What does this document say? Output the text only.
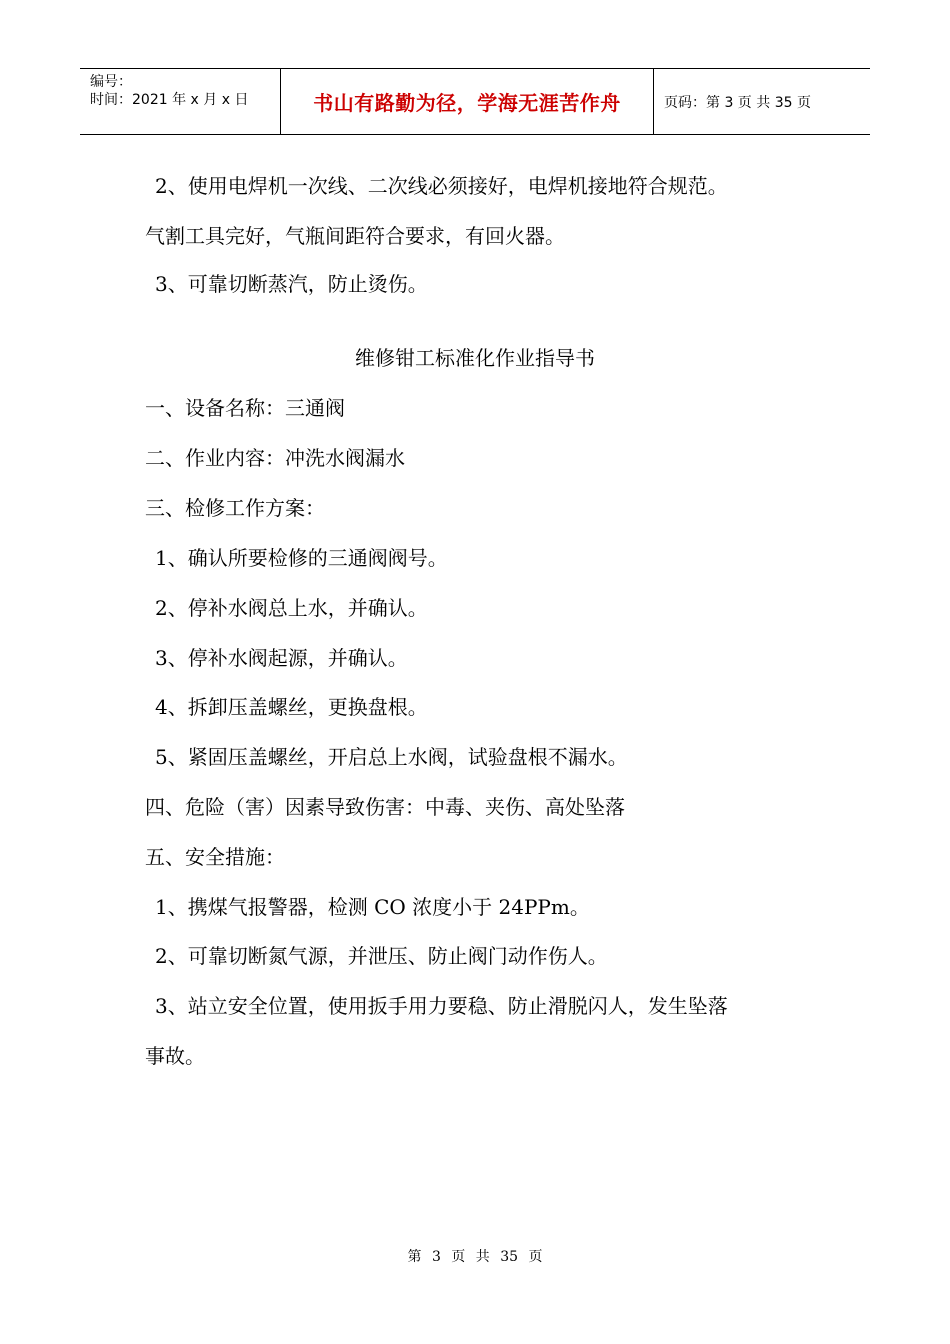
编号：
时间：2021 年 x 月 x 日	书山有路勤为径，学海无涯苦作舟	页码：第 3 页 共 35 页
2、使用电焊机一次线、二次线必须接好，电焊机接地符合规范。
气割工具完好，气瓶间距符合要求，有回火器。
3、可靠切断蒸汽，防止烫伤。
维修钳工标准化作业指导书
一、设备名称：三通阀
二、作业内容：冲洗水阀漏水
三、检修工作方案：
1、确认所要检修的三通阀阀号。
2、停补水阀总上水，并确认。
3、停补水阀起源，并确认。
4、拆卸压盖螺丝，更换盘根。
5、紧固压盖螺丝，开启总上水阀，试验盘根不漏水。
四、危险（害）因素导致伤害：中毒、夹伤、高处坠落
五、安全措施：
1、携煤气报警器，检测 CO 浓度小于 24PPm。
2、可靠切断氮气源，并泄压、防止阀门动作伤人。
3、站立安全位置，使用扳手用力要稳、防止滑脱闪人，发生坠落
事故。
第 3 页 共 35 页
